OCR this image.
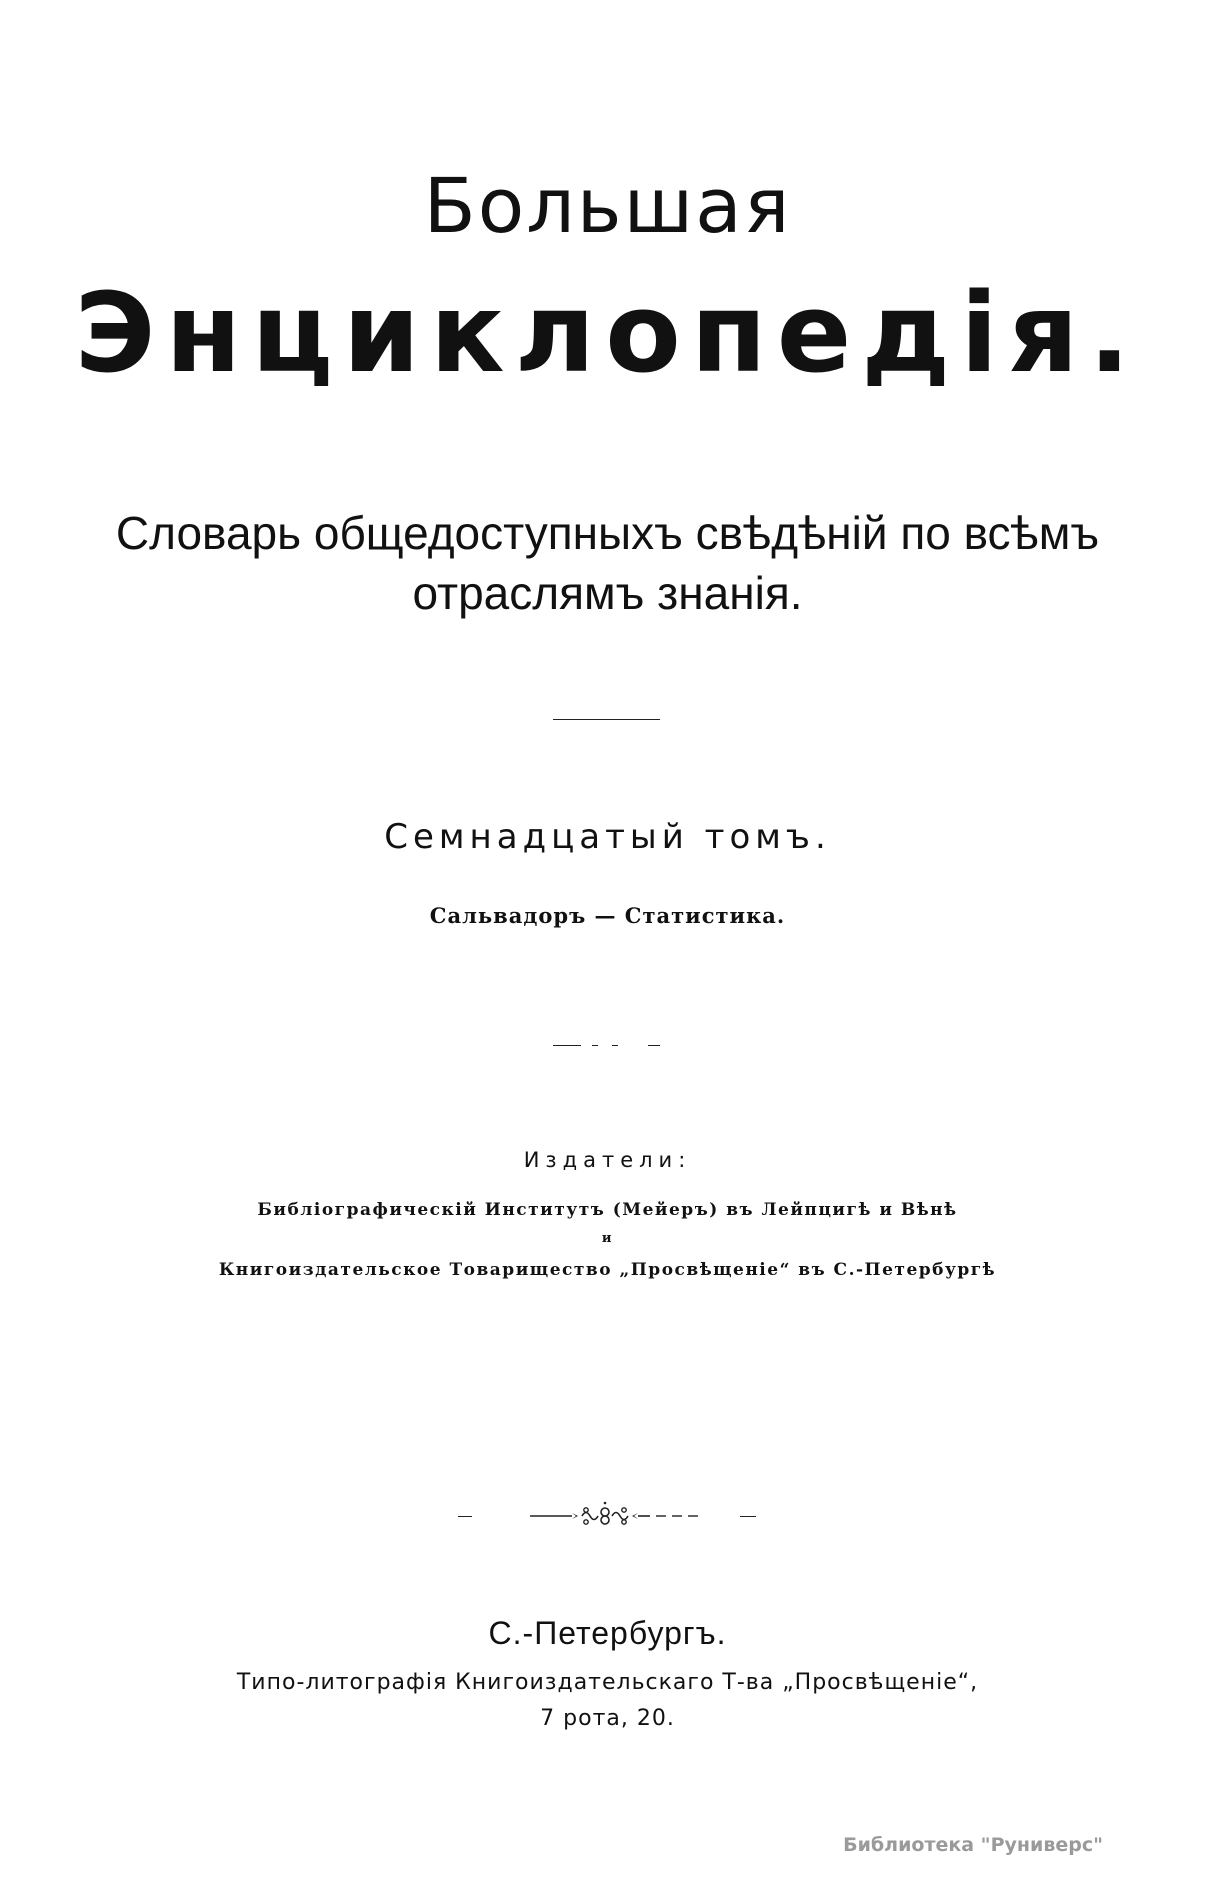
Большая
Энциклопедія.
Словарь общедоступныхъ свѣдѣній по всѣмъ
отраслямъ знанія.
Семнадцатый томъ.
Сальвадоръ — Статистика.
Издатели:
Библіографическій Институтъ (Мейеръ) въ Лейпцигѣ и Вѣнѣ
и
Книгоиздательское Товарищество „Просвѣщеніе“ въ С.-Петербургѣ
С.-Петербургъ.
Типо-литографія Книгоиздательскаго Т-ва „Просвѣщеніе“,
7 рота, 20.
Библиотека "Руниверс"
